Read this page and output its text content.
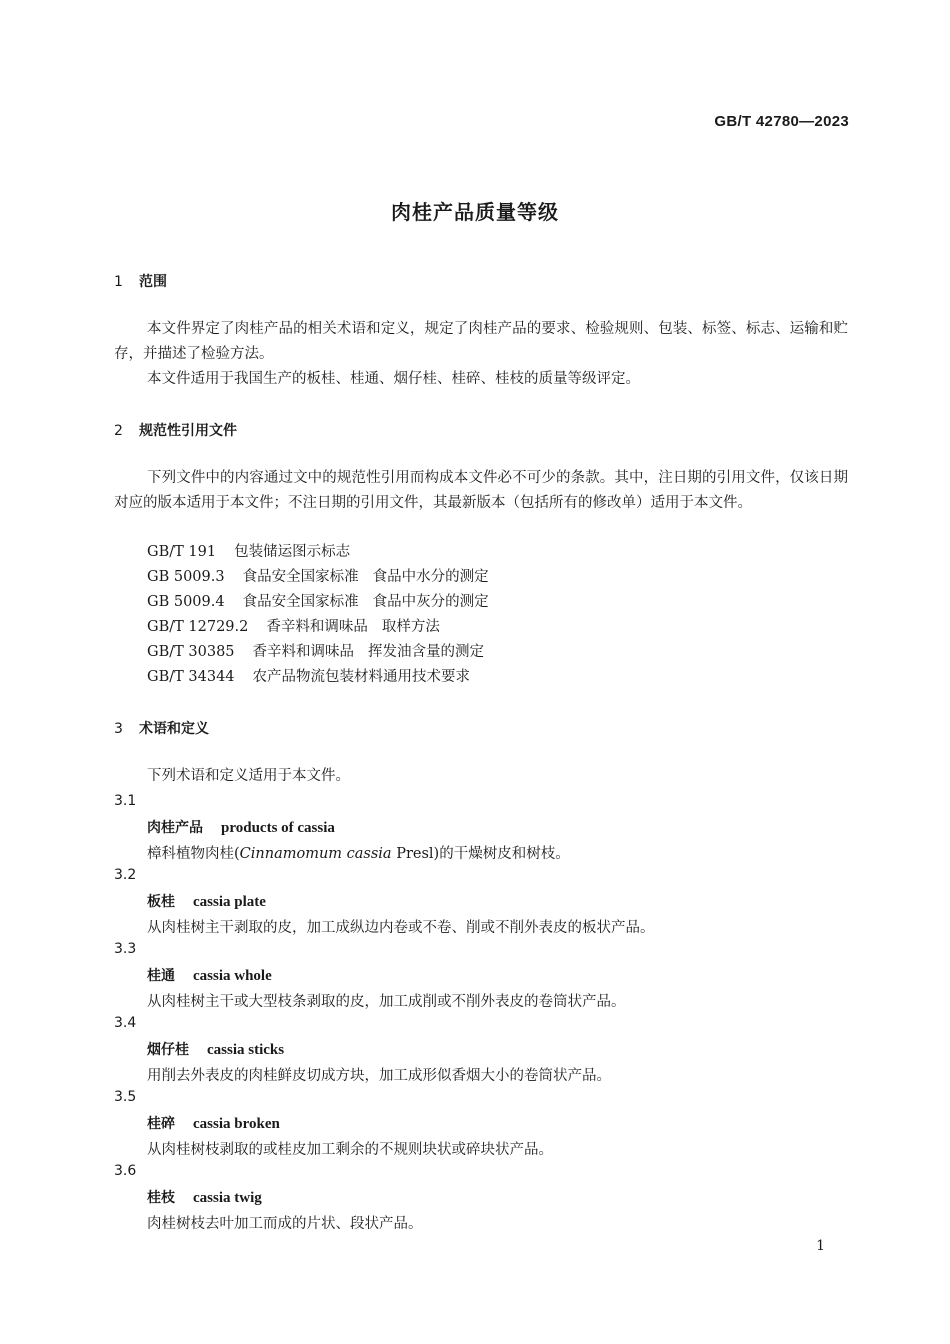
GB/T 42780—2023
肉桂产品质量等级
1 范围
本文件界定了肉桂产品的相关术语和定义，规定了肉桂产品的要求、检验规则、包装、标签、标志、运输和贮存，并描述了检验方法。
本文件适用于我国生产的板桂、桂通、烟仔桂、桂碎、桂枝的质量等级评定。
2 规范性引用文件
下列文件中的内容通过文中的规范性引用而构成本文件必不可少的条款。其中，注日期的引用文件，仅该日期对应的版本适用于本文件；不注日期的引用文件，其最新版本（包括所有的修改单）适用于本文件。
GB/T 191 包装储运图示标志
GB 5009.3 食品安全国家标准 食品中水分的测定
GB 5009.4 食品安全国家标准 食品中灰分的测定
GB/T 12729.2 香辛料和调味品 取样方法
GB/T 30385 香辛料和调味品 挥发油含量的测定
GB/T 34344 农产品物流包装材料通用技术要求
3 术语和定义
下列术语和定义适用于本文件。
3.1
肉桂产品 products of cassia
樟科植物肉桂(Cinnamomum cassia Presl)的干燥树皮和树枝。
3.2
板桂 cassia plate
从肉桂树主干剥取的皮，加工成纵边内卷或不卷、削或不削外表皮的板状产品。
3.3
桂通 cassia whole
从肉桂树主干或大型枝条剥取的皮，加工成削或不削外表皮的卷筒状产品。
3.4
烟仔桂 cassia sticks
用削去外表皮的肉桂鲜皮切成方块，加工成形似香烟大小的卷筒状产品。
3.5
桂碎 cassia broken
从肉桂树枝剥取的或桂皮加工剩余的不规则块状或碎块状产品。
3.6
桂枝 cassia twig
肉桂树枝去叶加工而成的片状、段状产品。
1
